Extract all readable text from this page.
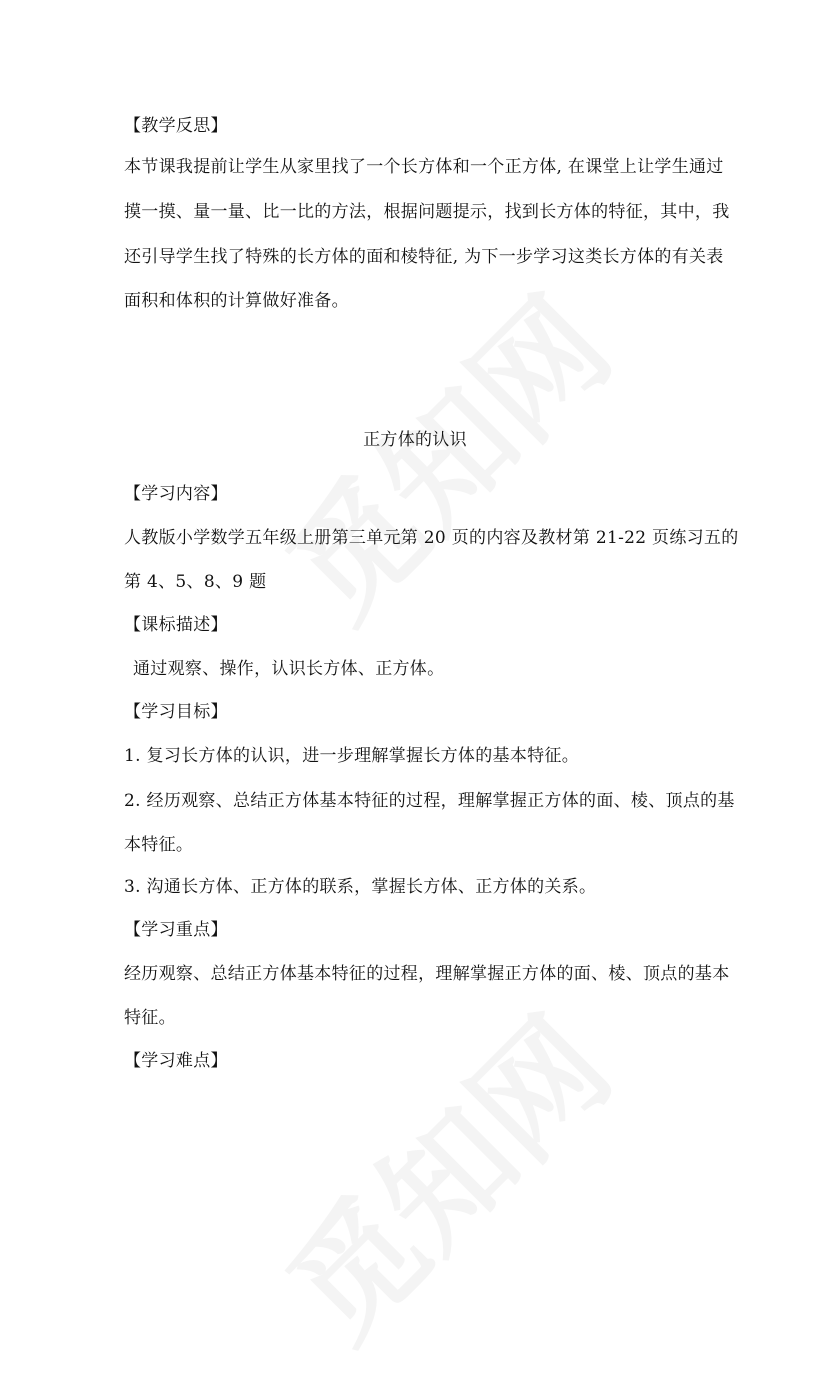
【教学反思】
本节课我提前让学生从家里找了一个长方体和一个正方体, 在课堂上让学生通过
摸一摸、量一量、比一比的方法，根据问题提示，找到长方体的特征，其中，我
还引导学生找了特殊的长方体的面和棱特征, 为下一步学习这类长方体的有关表
面积和体积的计算做好准备。
正方体的认识
【学习内容】
人教版小学数学五年级上册第三单元第 20 页的内容及教材第 21-22 页练习五的
第 4、5、8、9 题
【课标描述】
通过观察、操作，认识长方体、正方体。
【学习目标】
1. 复习长方体的认识，进一步理解掌握长方体的基本特征。
2. 经历观察、总结正方体基本特征的过程，理解掌握正方体的面、棱、顶点的基
本特征。
3. 沟通长方体、正方体的联系，掌握长方体、正方体的关系。
【学习重点】
经历观察、总结正方体基本特征的过程，理解掌握正方体的面、棱、顶点的基本
特征。
【学习难点】
